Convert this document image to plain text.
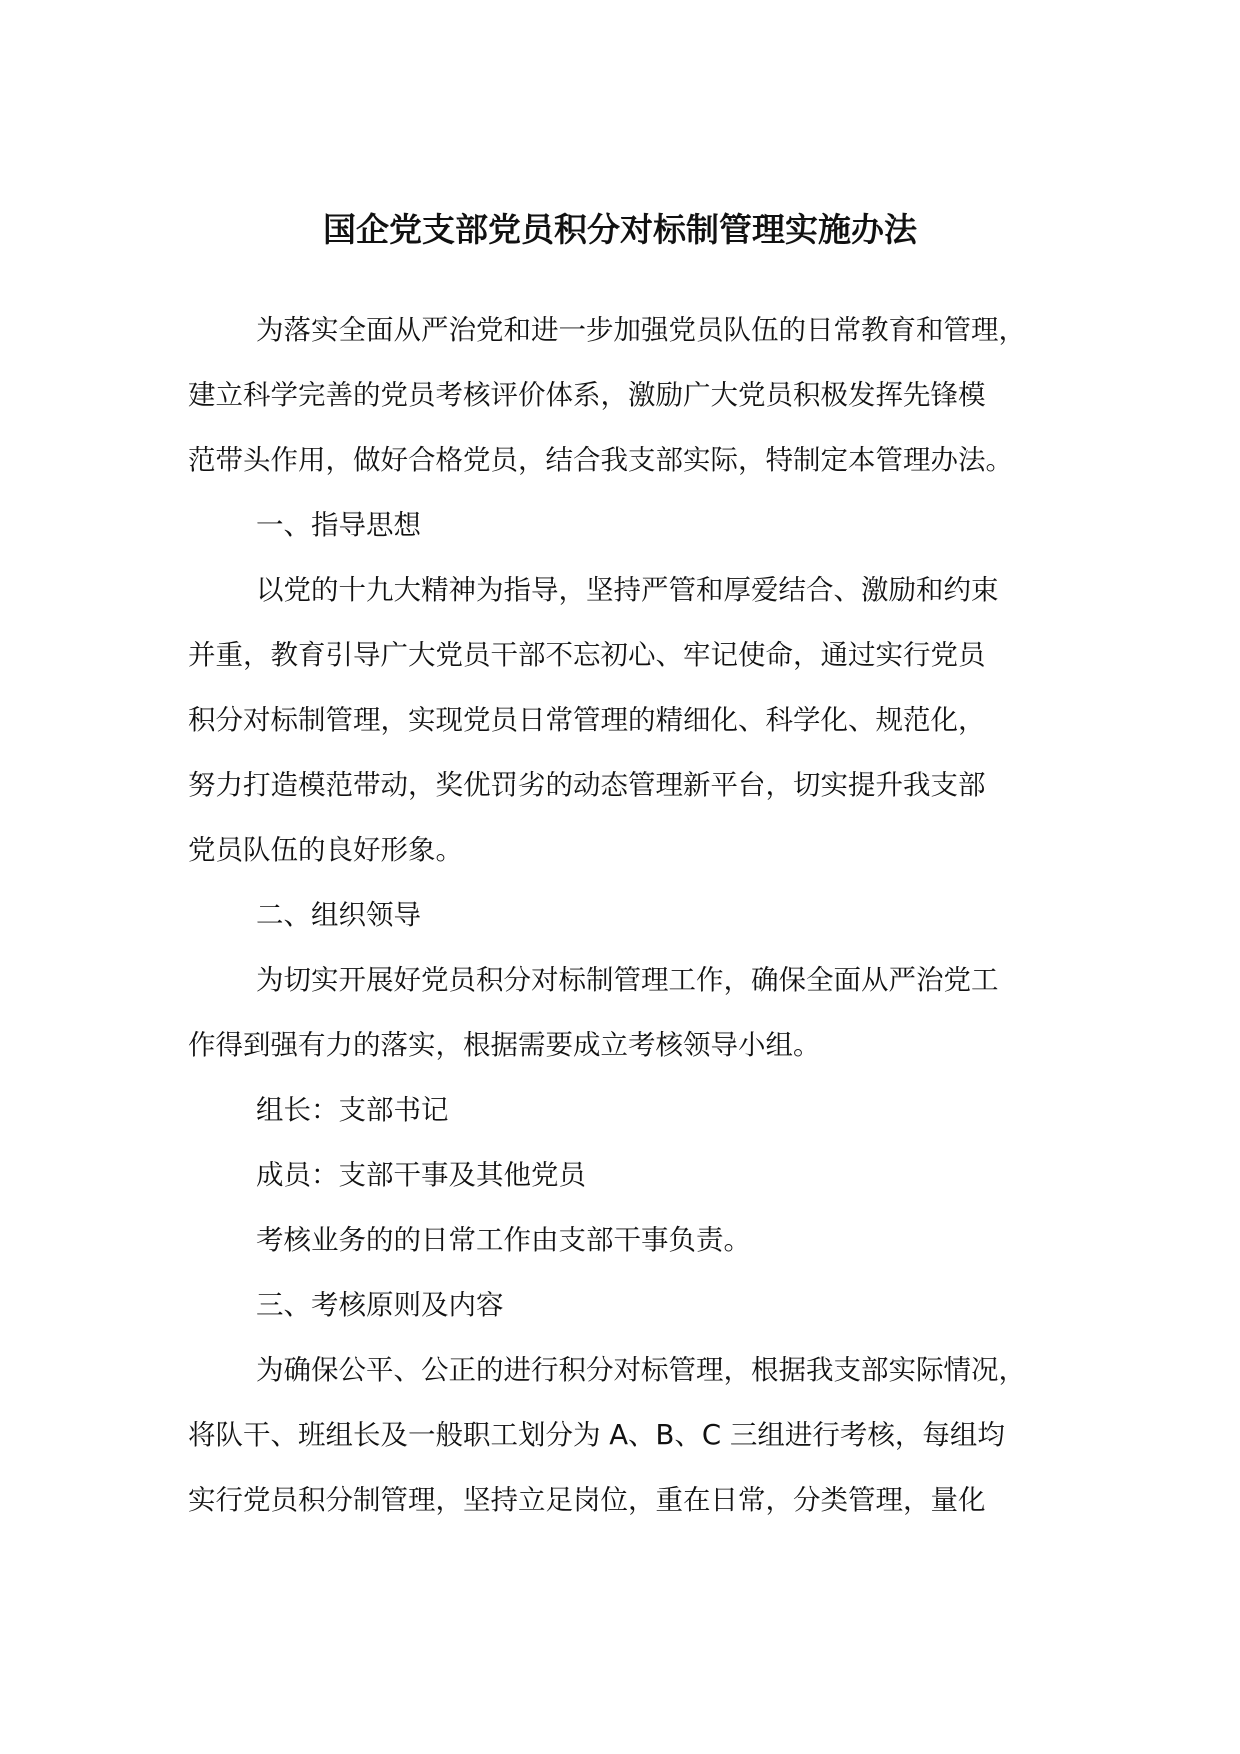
国企党支部党员积分对标制管理实施办法
为落实全面从严治党和进一步加强党员队伍的日常教育和管理，
建立科学完善的党员考核评价体系，激励广大党员积极发挥先锋模
范带头作用，做好合格党员，结合我支部实际，特制定本管理办法。
一、指导思想
以党的十九大精神为指导，坚持严管和厚爱结合、激励和约束
并重，教育引导广大党员干部不忘初心、牢记使命，通过实行党员
积分对标制管理，实现党员日常管理的精细化、科学化、规范化，
努力打造模范带动，奖优罚劣的动态管理新平台，切实提升我支部
党员队伍的良好形象。
二、组织领导
为切实开展好党员积分对标制管理工作，确保全面从严治党工
作得到强有力的落实，根据需要成立考核领导小组。
组长：支部书记
成员：支部干事及其他党员
考核业务的的日常工作由支部干事负责。
三、考核原则及内容
为确保公平、公正的进行积分对标管理，根据我支部实际情况，
将队干、班组长及一般职工划分为 A、B、C 三组进行考核，每组均
实行党员积分制管理，坚持立足岗位，重在日常，分类管理，量化
